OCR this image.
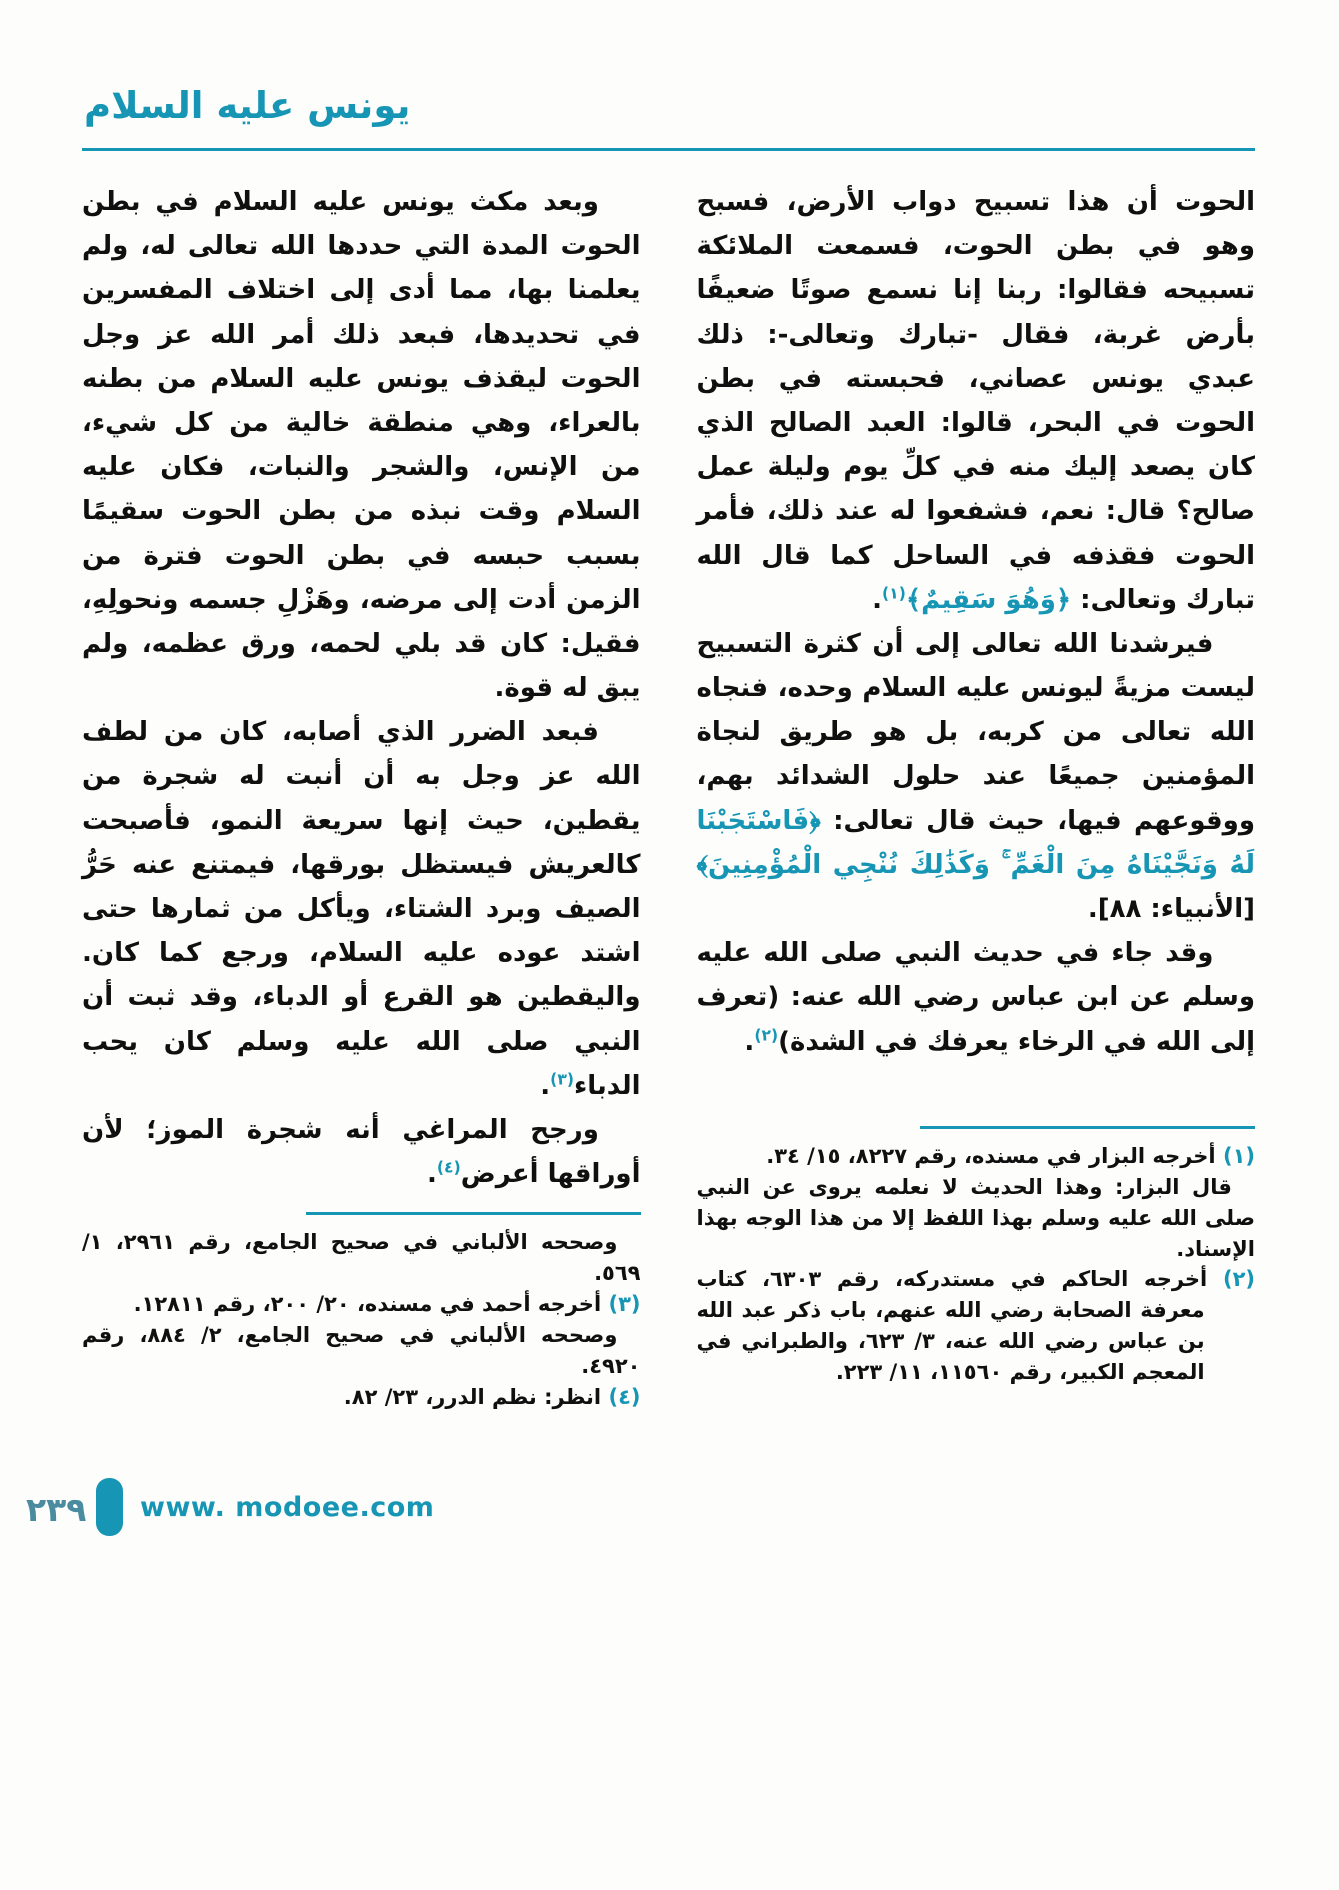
يونس عليه السلام

الحوت أن هذا تسبيح دواب الأرض، فسبح وهو في بطن الحوت، فسمعت الملائكة تسبيحه فقالوا: ربنا إنا نسمع صوتًا ضعيفًا بأرض غربة، فقال -تبارك وتعالى-: ذلك عبدي يونس عصاني، فحبسته في بطن الحوت في البحر، قالوا: العبد الصالح الذي كان يصعد إليك منه في كلِّ يوم وليلة عمل صالح؟ قال: نعم، فشفعوا له عند ذلك، فأمر الحوت فقذفه في الساحل كما قال الله تبارك وتعالى: ﴿وَهُوَ سَقِيمٌ﴾$^{(١)}$.

فيرشدنا الله تعالى إلى أن كثرة التسبيح ليست مزيةً ليونس عليه السلام وحده، فنجاه الله تعالى من كربه، بل هو طريق لنجاة المؤمنين جميعًا عند حلول الشدائد بهم، ووقوعهم فيها، حيث قال تعالى: ﴿فَاسْتَجَبْنَا لَهُ وَنَجَّيْنَاهُ مِنَ الْغَمِّ ۚ وَكَذَٰلِكَ نُنْجِي الْمُؤْمِنِينَ﴾ [الأنبياء: ٨٨].

وقد جاء في حديث النبي صلى الله عليه وسلم عن ابن عباس رضي الله عنه: (تعرف إلى الله في الرخاء يعرفك في الشدة)$^{(٢)}$.

(١) أخرجه البزار في مسنده، رقم ٨٢٢٧، ١٥/ ٣٤.
قال البزار: وهذا الحديث لا نعلمه يروى عن النبي صلى الله عليه وسلم بهذا اللفظ إلا من هذا الوجه بهذا الإسناد.
(٢) أخرجه الحاكم في مستدركه، رقم ٦٣٠٣، كتاب معرفة الصحابة رضي الله عنهم، باب ذكر عبد الله بن عباس رضي الله عنه، ٣/ ٦٢٣، والطبراني في المعجم الكبير، رقم ١١٥٦٠، ١١/ ٢٢٣.

وبعد مكث يونس عليه السلام في بطن الحوت المدة التي حددها الله تعالى له، ولم يعلمنا بها، مما أدى إلى اختلاف المفسرين في تحديدها، فبعد ذلك أمر الله عز وجل الحوت ليقذف يونس عليه السلام من بطنه بالعراء، وهي منطقة خالية من كل شيء، من الإنس، والشجر والنبات، فكان عليه السلام وقت نبذه من بطن الحوت سقيمًا بسبب حبسه في بطن الحوت فترة من الزمن أدت إلى مرضه، وهَزْلِ جسمه ونحولِهِ، فقيل: كان قد بلي لحمه، ورق عظمه، ولم يبق له قوة.

فبعد الضرر الذي أصابه، كان من لطف الله عز وجل به أن أنبت له شجرة من يقطين، حيث إنها سريعة النمو، فأصبحت كالعريش فيستظل بورقها، فيمتنع عنه حَرُّ الصيف وبرد الشتاء، ويأكل من ثمارها حتى اشتد عوده عليه السلام، ورجع كما كان. واليقطين هو القرع أو الدباء، وقد ثبت أن النبي صلى الله عليه وسلم كان يحب الدباء$^{(٣)}$.

ورجح المراغي أنه شجرة الموز؛ لأن أوراقها أعرض$^{(٤)}$.

وصححه الألباني في صحيح الجامع، رقم ٢٩٦١، ١/ ٥٦٩.
(٣) أخرجه أحمد في مسنده، ٢٠/ ٢٠٠، رقم ١٢٨١١.
وصححه الألباني في صحيح الجامع، ٢/ ٨٨٤، رقم ٤٩٢٠.
(٤) انظر: نظم الدرر، ٢٣/ ٨٢.
٢٣٩ www. modoee.com
